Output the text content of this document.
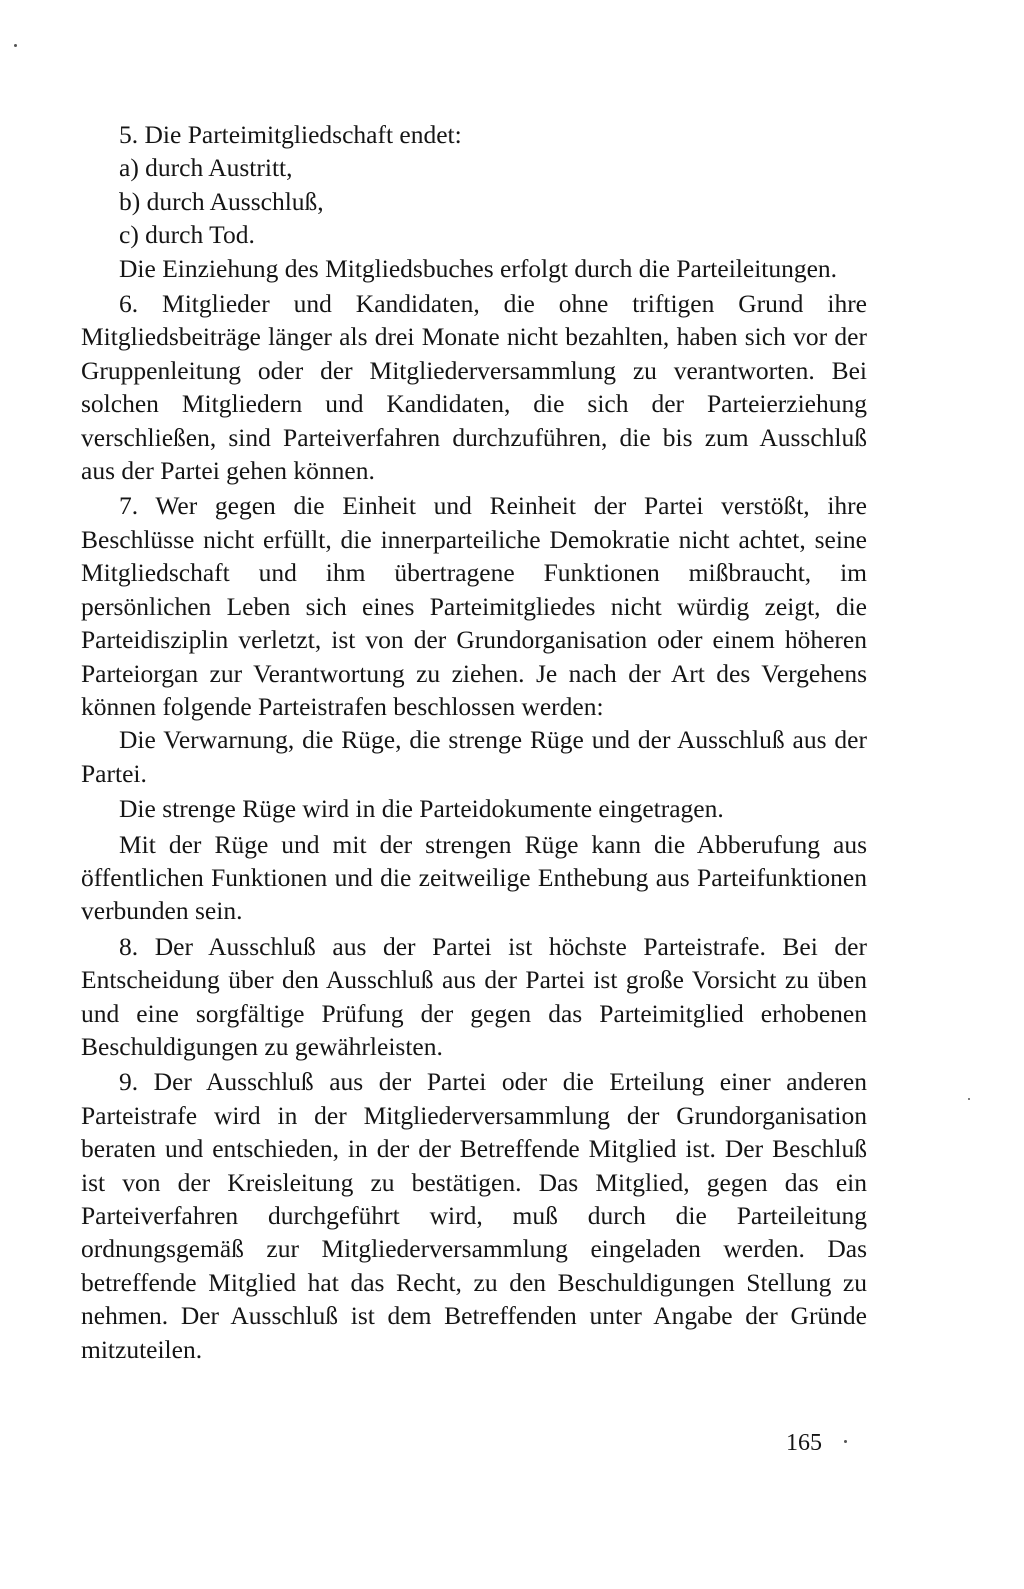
5. Die Parteimitgliedschaft endet:

a) durch Austritt,

b) durch Ausschluß,

c) durch Tod.

Die Einziehung des Mitgliedsbuches erfolgt durch die Parteileitungen.

6. Mitglieder und Kandidaten, die ohne triftigen Grund ihre Mitgliedsbeiträge länger als drei Monate nicht bezahlten, haben sich vor der Gruppenleitung oder der Mitgliederversammlung zu verantworten. Bei solchen Mitgliedern und Kandidaten, die sich der Parteierziehung verschließen, sind Parteiverfahren durchzuführen, die bis zum Ausschluß aus der Partei gehen können.

7. Wer gegen die Einheit und Reinheit der Partei verstößt, ihre Beschlüsse nicht erfüllt, die innerparteiliche Demokratie nicht achtet, seine Mitgliedschaft und ihm übertragene Funktionen mißbraucht, im persönlichen Leben sich eines Parteimitgliedes nicht würdig zeigt, die Parteidisziplin verletzt, ist von der Grundorganisation oder einem höheren Parteiorgan zur Verantwortung zu ziehen. Je nach der Art des Vergehens können folgende Parteistrafen beschlossen werden:

Die Verwarnung, die Rüge, die strenge Rüge und der Ausschluß aus der Partei.

Die strenge Rüge wird in die Parteidokumente eingetragen.

Mit der Rüge und mit der strengen Rüge kann die Abberufung aus öffentlichen Funktionen und die zeitweilige Enthebung aus Parteifunktionen verbunden sein.

8. Der Ausschluß aus der Partei ist höchste Parteistrafe. Bei der Entscheidung über den Ausschluß aus der Partei ist große Vorsicht zu üben und eine sorgfältige Prüfung der gegen das Parteimitglied erhobenen Beschuldigungen zu gewährleisten.

9. Der Ausschluß aus der Partei oder die Erteilung einer anderen Parteistrafe wird in der Mitgliederversammlung der Grundorganisation beraten und entschieden, in der der Betreffende Mitglied ist. Der Beschluß ist von der Kreisleitung zu bestätigen. Das Mitglied, gegen das ein Parteiverfahren durchgeführt wird, muß durch die Parteileitung ordnungsgemäß zur Mitgliederversammlung eingeladen werden. Das betreffende Mitglied hat das Recht, zu den Beschuldigungen Stellung zu nehmen. Der Ausschluß ist dem Betreffenden unter Angabe der Gründe mitzuteilen.

165
